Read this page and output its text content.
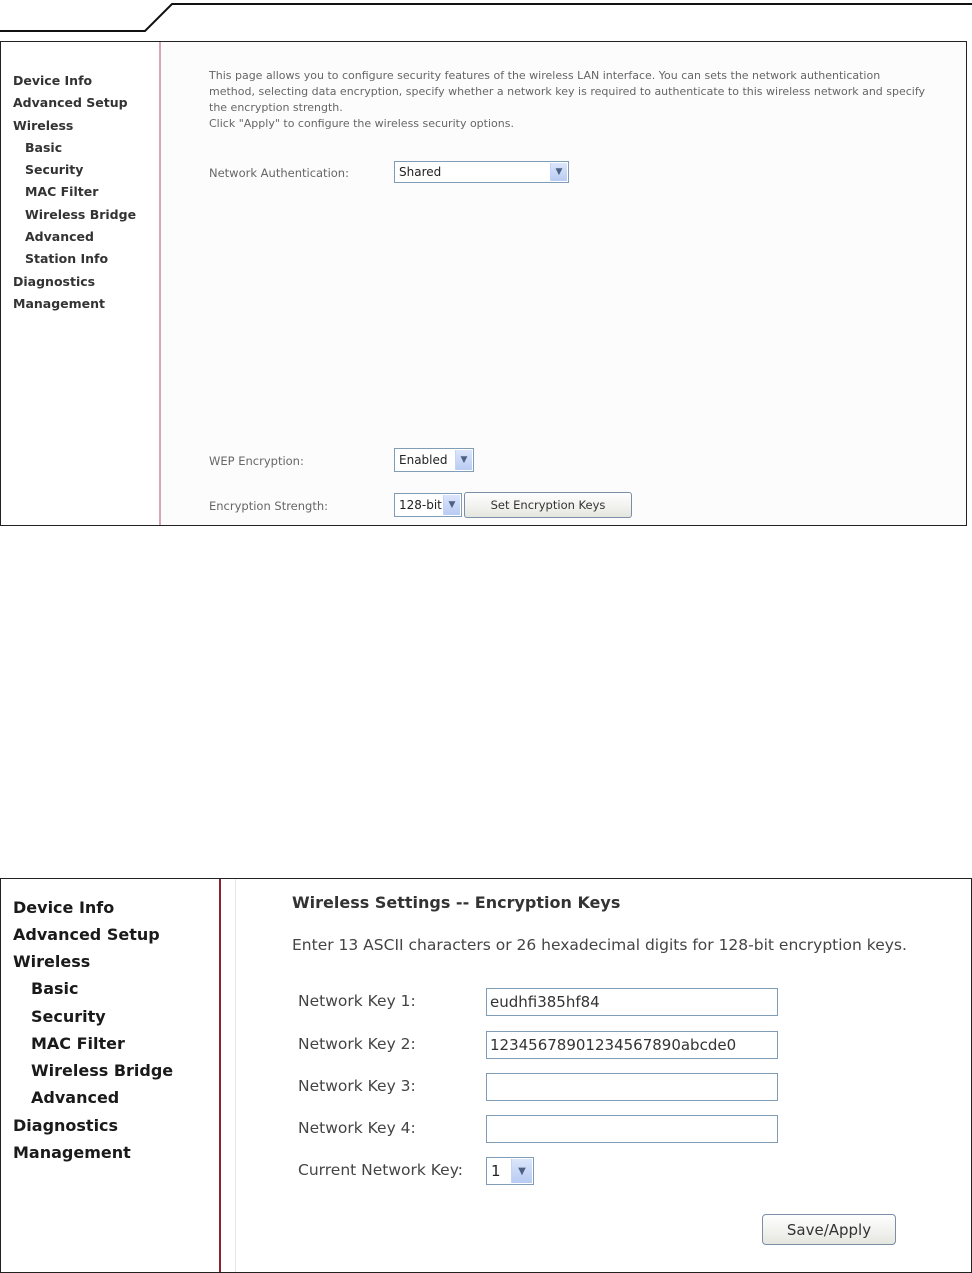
Device Info
Advanced Setup
Wireless
Basic
Security
MAC Filter
Wireless Bridge
Advanced
Station Info
Diagnostics
Management
This page allows you to configure security features of the wireless LAN interface. You can sets the network authentication
method, selecting data encryption, specify whether a network key is required to authenticate to this wireless network and specify
the encryption strength.
Click "Apply" to configure the wireless security options.
Network Authentication:	Shared	▼
WEP Encryption:	Enabled	▼
Encryption Strength:	128-bit ▼	Set Encryption Keys
Device Info
Advanced Setup
Wireless
Basic
Security
MAC Filter
Wireless Bridge
Advanced
Diagnostics
Management
Wireless Settings -- Encryption Keys
Enter 13 ASCII characters or 26 hexadecimal digits for 128-bit encryption keys.
Network Key 1:	eudhfi385hf84
Network Key 2:	12345678901234567890abcde0
Network Key 3:
Network Key 4:
Current Network Key: 1	▼
Save/Apply
